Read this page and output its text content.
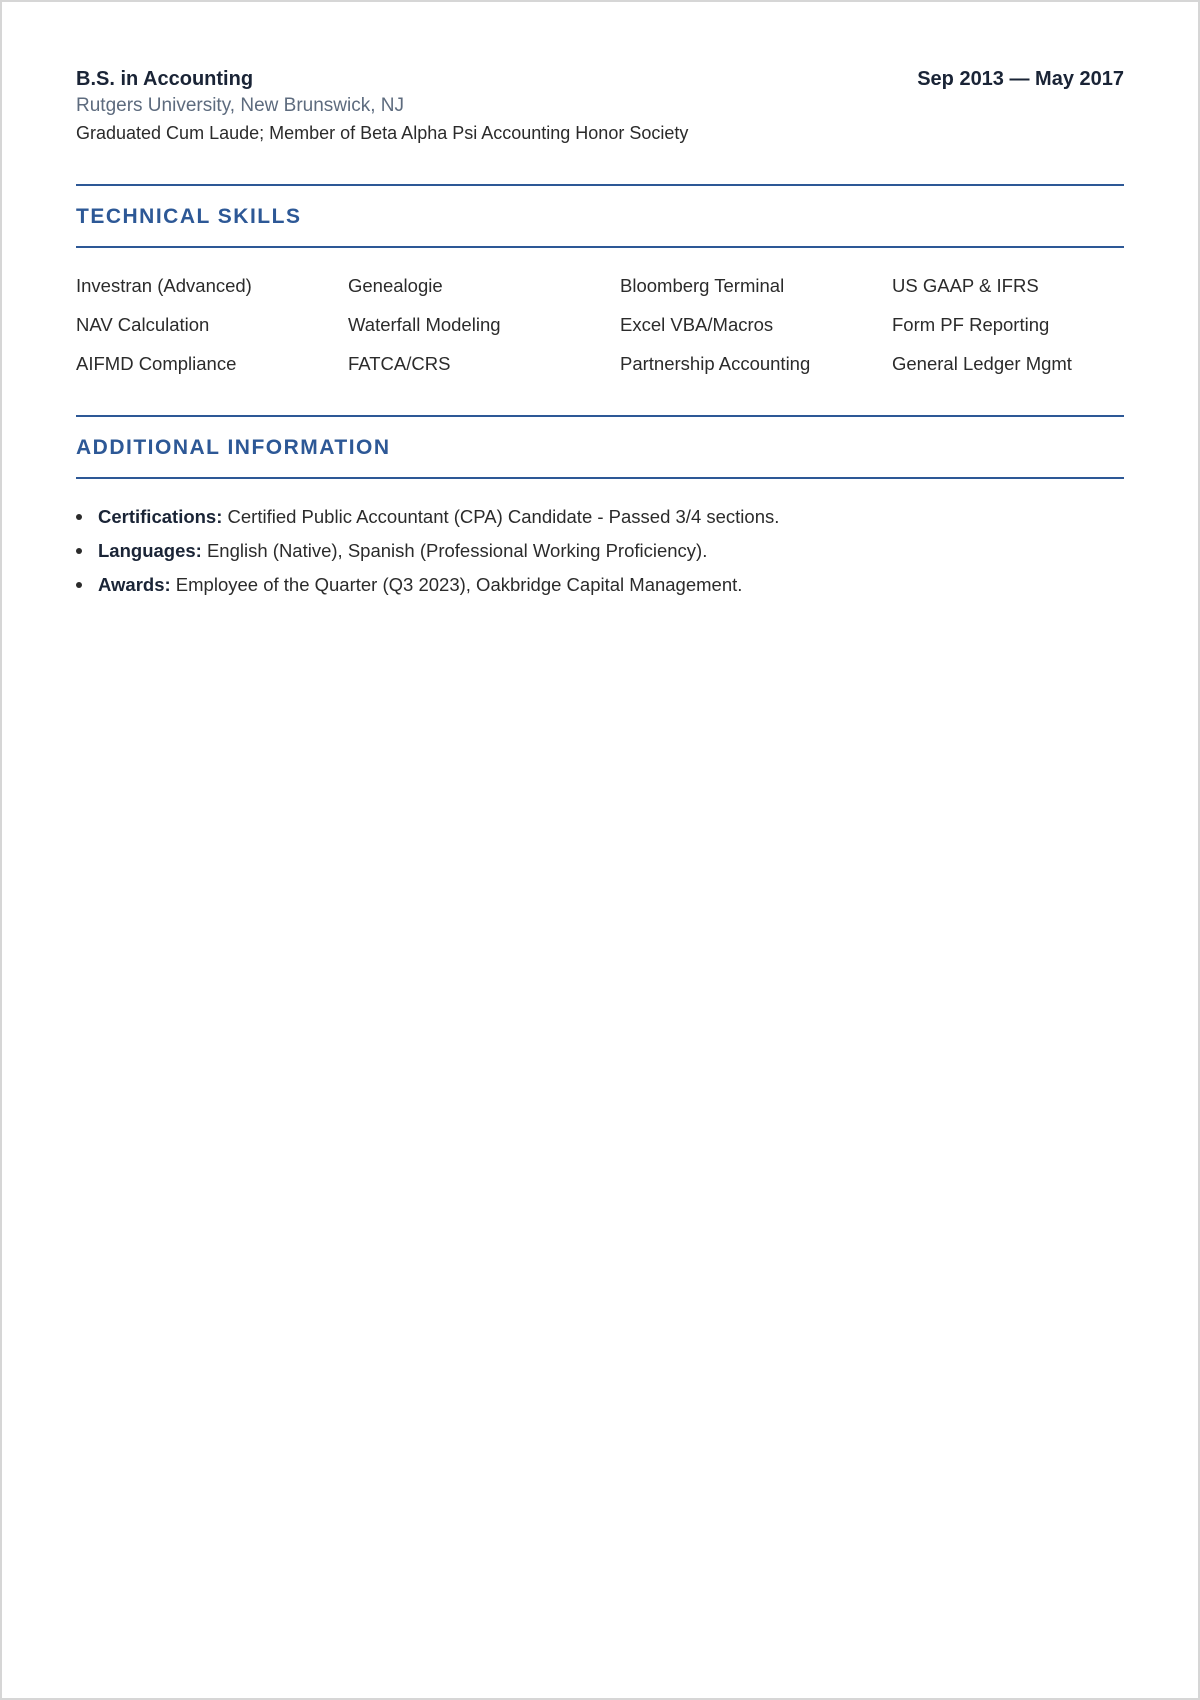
B.S. in Accounting	Sep 2013 — May 2017
Rutgers University, New Brunswick, NJ
Graduated Cum Laude; Member of Beta Alpha Psi Accounting Honor Society
TECHNICAL SKILLS
Investran (Advanced)	Genealogie	Bloomberg Terminal	US GAAP & IFRS
NAV Calculation	Waterfall Modeling	Excel VBA/Macros	Form PF Reporting
AIFMD Compliance	FATCA/CRS	Partnership Accounting	General Ledger Mgmt
ADDITIONAL INFORMATION
Certifications: Certified Public Accountant (CPA) Candidate - Passed 3/4 sections.
Languages: English (Native), Spanish (Professional Working Proficiency).
Awards: Employee of the Quarter (Q3 2023), Oakbridge Capital Management.
